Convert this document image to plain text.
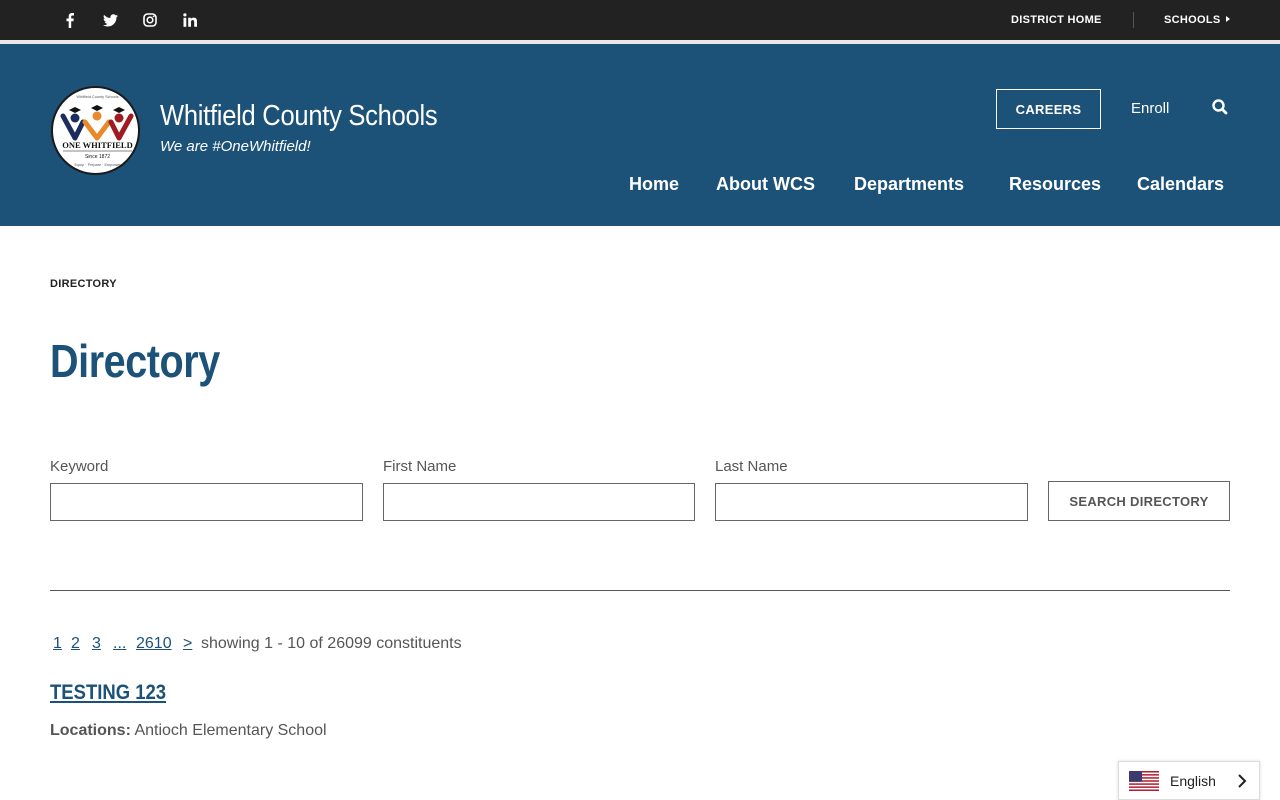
DISTRICT HOME	SCHOOLS
ONE WHITFIELD
Since 1872
Equip · Prepare · Empower
Whitfield County Schools
Whitfield County Schools
We are #OneWhitfield!
CAREERS	Enroll
Home About WCS Departments Resources Calendars
DIRECTORY
Directory
Keyword	First Name	Last Name
SEARCH DIRECTORY
1 2 3 ... 2610 > showing 1 - 10 of 26099 constituents
TESTING 123
Locations: Antioch Elementary School
English
